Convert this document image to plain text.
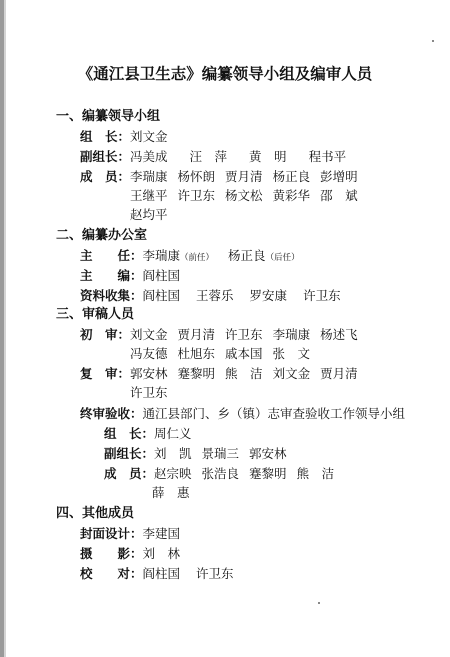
《通江县卫生志》编纂领导小组及编审人员
一、编纂领导小组
组　长：刘文金
副组长：冯美成 汪　萍 黄　明 程书平
成　员：李瑞康 杨怀朗 贾月清 杨正良 彭增明
王继平 许卫东 杨文松 黄彩华 邵　斌
赵均平
二、编纂办公室
主　　任：李瑞康（前任） 杨正良（后任）
主　　编：阎柱国
资料收集：阎柱国 王蓉乐 罗安康 许卫东
三、审稿人员
初　审：刘文金 贾月清 许卫东 李瑞康 杨述飞
冯友德 杜旭东 戚本国 张　文
复　审：郭安林 蹇黎明 熊　洁 刘文金 贾月清
许卫东
终审验收：通江县部门、乡（镇）志审查验收工作领导小组
组　长：周仁义
副组长：刘　凯 景瑞三 郭安林
成　员：赵宗映 张浩良 蹇黎明 熊　洁
薛　惠
四、其他成员
封面设计：李建国
摄　　影：刘　林
校　　对：阎柱国 许卫东
